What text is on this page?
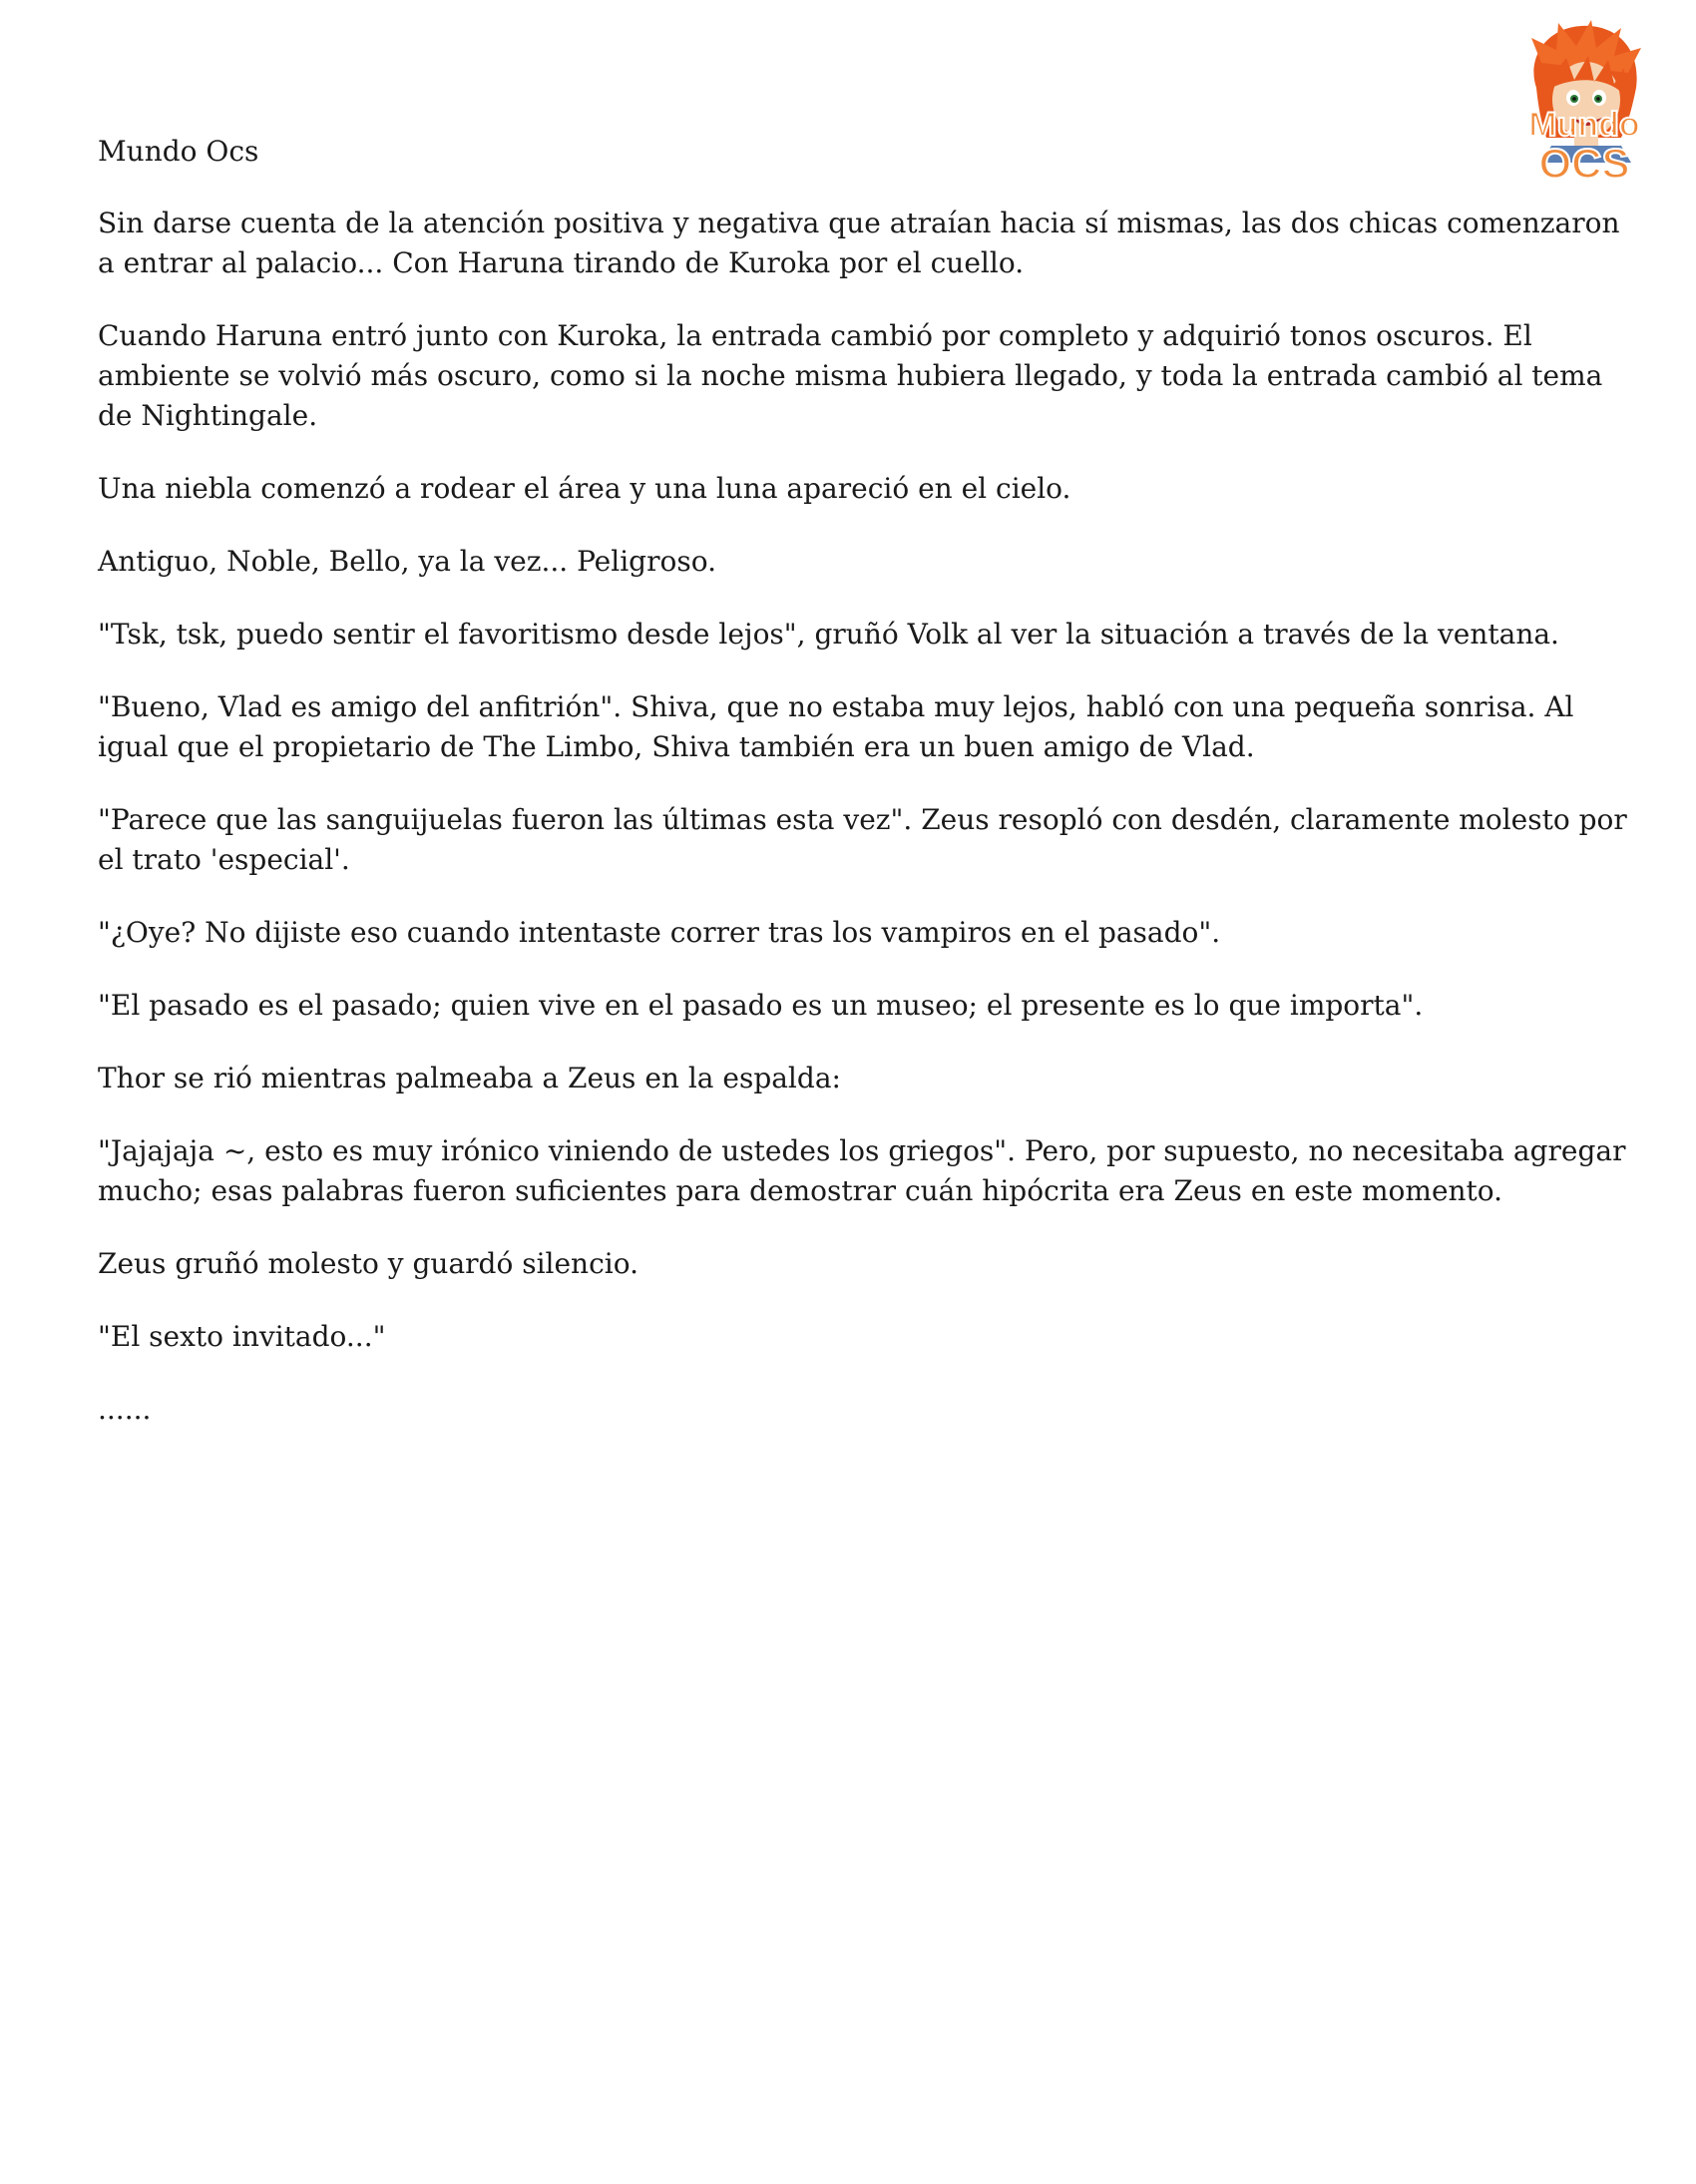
Mundo
OCS

Mundo Ocs

Sin darse cuenta de la atención positiva y negativa que atraían hacia sí mismas, las dos chicas comenzaron a entrar al palacio... Con Haruna tirando de Kuroka por el cuello.

Cuando Haruna entró junto con Kuroka, la entrada cambió por completo y adquirió tonos oscuros. El ambiente se volvió más oscuro, como si la noche misma hubiera llegado, y toda la entrada cambió al tema de Nightingale.

Una niebla comenzó a rodear el área y una luna apareció en el cielo.

Antiguo, Noble, Bello, ya la vez... Peligroso.

"Tsk, tsk, puedo sentir el favoritismo desde lejos", gruñó Volk al ver la situación a través de la ventana.

"Bueno, Vlad es amigo del anfitrión". Shiva, que no estaba muy lejos, habló con una pequeña sonrisa. Al igual que el propietario de The Limbo, Shiva también era un buen amigo de Vlad.

"Parece que las sanguijuelas fueron las últimas esta vez". Zeus resopló con desdén, claramente molesto por el trato 'especial'.

"¿Oye? No dijiste eso cuando intentaste correr tras los vampiros en el pasado".

"El pasado es el pasado; quien vive en el pasado es un museo; el presente es lo que importa".

Thor se rió mientras palmeaba a Zeus en la espalda:

"Jajajaja ~, esto es muy irónico viniendo de ustedes los griegos". Pero, por supuesto, no necesitaba agregar mucho; esas palabras fueron suficientes para demostrar cuán hipócrita era Zeus en este momento.

Zeus gruñó molesto y guardó silencio.

"El sexto invitado..."

......
